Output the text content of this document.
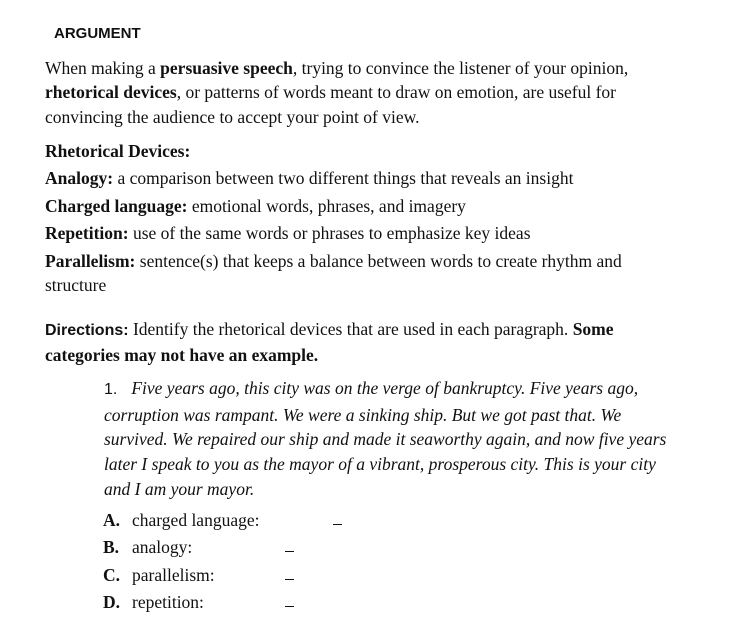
ARGUMENT
When making a persuasive speech, trying to convince the listener of your opinion, rhetorical devices, or patterns of words meant to draw on emotion, are useful for convincing the audience to accept your point of view.
Rhetorical Devices:
Analogy: a comparison between two different things that reveals an insight
Charged language: emotional words, phrases, and imagery
Repetition: use of the same words or phrases to emphasize key ideas
Parallelism: sentence(s) that keeps a balance between words to create rhythm and structure
Directions: Identify the rhetorical devices that are used in each paragraph. Some categories may not have an example.
1. Five years ago, this city was on the verge of bankruptcy. Five years ago, corruption was rampant. We were a sinking ship. But we got past that. We survived. We repaired our ship and made it seaworthy again, and now five years later I speak to you as the mayor of a vibrant, prosperous city. This is your city and I am your mayor.
A. charged language:
B. analogy:
C. parallelism:
D. repetition:
